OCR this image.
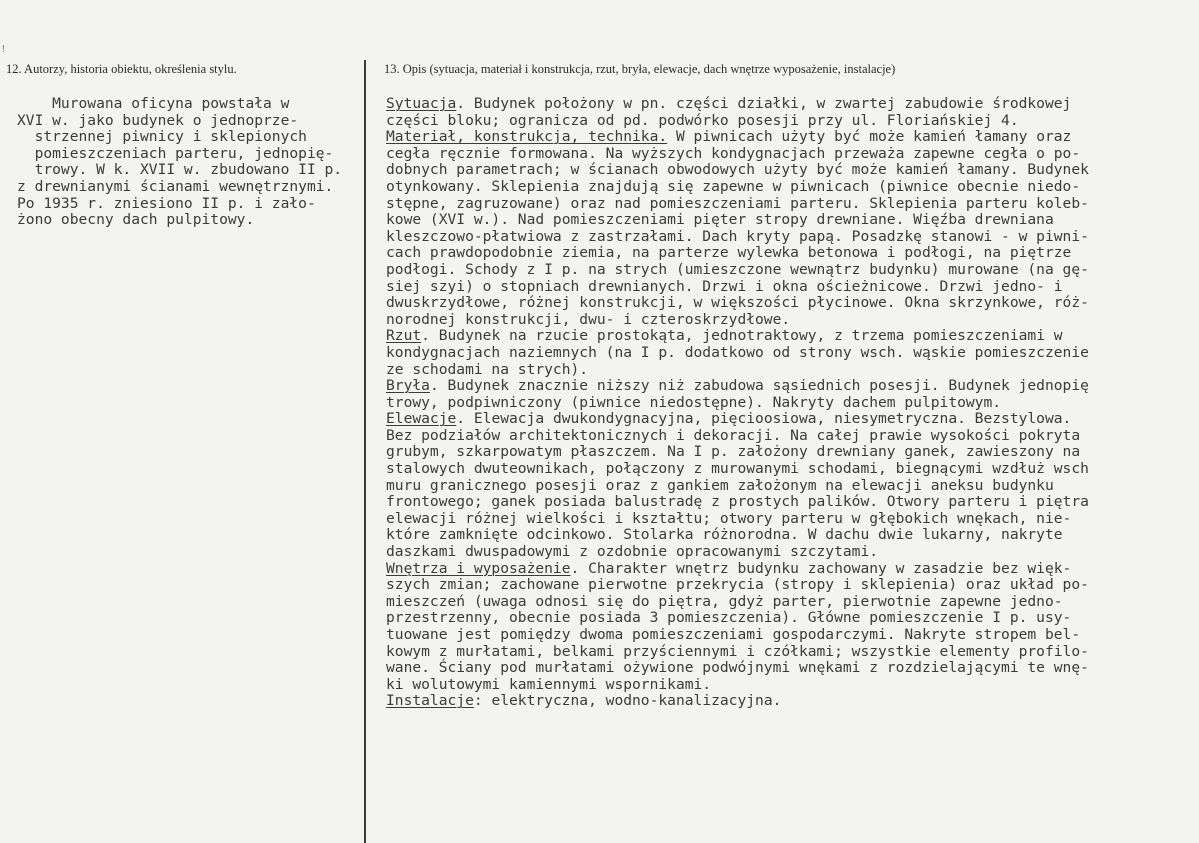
12. Autorzy, historia obiektu, określenia stylu.	13. Opis (sytuacja, materiał i konstrukcja, rzut, bryła, elewacje, dach wnętrze wyposażenie, instalacje)
Murowana oficyna powstała w
XVI w. jako budynek o jednoprze-
strzennej piwnicy i sklepionych
pomieszczeniach parteru, jednopię-
trowy. W k. XVII w. zbudowano II p.
z drewnianymi ścianami wewnętrznymi.
Po 1935 r. zniesiono II p. i zało-
żono obecny dach pulpitowy.
Sytuacja. Budynek położony w pn. części działki, w zwartej zabudowie środkowej
części bloku; ogranicza od pd. podwórko posesji przy ul. Floriańskiej 4.
Materiał, konstrukcja, technika. W piwnicach użyty być może kamień łamany oraz
cegła ręcznie formowana. Na wyższych kondygnacjach przeważa zapewne cegła o po-
dobnych parametrach; w ścianach obwodowych użyty być może kamień łamany. Budynek
otynkowany. Sklepienia znajdują się zapewne w piwnicach (piwnice obecnie niedo-
stępne, zagruzowane) oraz nad pomieszczeniami parteru. Sklepienia parteru koleb-
kowe (XVI w.). Nad pomieszczeniami pięter stropy drewniane. Więźba drewniana
kleszczowo-płatwiowa z zastrzałami. Dach kryty papą. Posadzkę stanowi - w piwni-
cach prawdopodobnie ziemia, na parterze wylewka betonowa i podłogi, na piętrze
podłogi. Schody z I p. na strych (umieszczone wewnątrz budynku) murowane (na gę-
siej szyi) o stopniach drewnianych. Drzwi i okna ościeżnicowe. Drzwi jedno- i
dwuskrzydłowe, różnej konstrukcji, w większości płycinowe. Okna skrzynkowe, róż-
norodnej konstrukcji, dwu- i czteroskrzydłowe.
Rzut. Budynek na rzucie prostokąta, jednotraktowy, z trzema pomieszczeniami w
kondygnacjach naziemnych (na I p. dodatkowo od strony wsch. wąskie pomieszczenie
ze schodami na strych).
Bryła. Budynek znacznie niższy niż zabudowa sąsiednich posesji. Budynek jednopię
trowy, podpiwniczony (piwnice niedostępne). Nakryty dachem pulpitowym.
Elewacje. Elewacja dwukondygnacyjna, pięcioosiowa, niesymetryczna. Bezstylowa.
Bez podziałów architektonicznych i dekoracji. Na całej prawie wysokości pokryta
grubym, szkarpowatym płaszczem. Na I p. założony drewniany ganek, zawieszony na
stalowych dwuteownikach, połączony z murowanymi schodami, biegnącymi wzdłuż wsch
muru granicznego posesji oraz z gankiem założonym na elewacji aneksu budynku
frontowego; ganek posiada balustradę z prostych palików. Otwory parteru i piętra
elewacji różnej wielkości i kształtu; otwory parteru w głębokich wnękach, nie-
które zamknięte odcinkowo. Stolarka różnorodna. W dachu dwie lukarny, nakryte
daszkami dwuspadowymi z ozdobnie opracowanymi szczytami.
Wnętrza i wyposażenie. Charakter wnętrz budynku zachowany w zasadzie bez więk-
szych zmian; zachowane pierwotne przekrycia (stropy i sklepienia) oraz układ po-
mieszczeń (uwaga odnosi się do piętra, gdyż parter, pierwotnie zapewne jedno-
przestrzenny, obecnie posiada 3 pomieszczenia). Główne pomieszczenie I p. usy-
tuowane jest pomiędzy dwoma pomieszczeniami gospodarczymi. Nakryte stropem bel-
kowym z murłatami, belkami przyściennymi i czółkami; wszystkie elementy profilo-
wane. Ściany pod murłatami ożywione podwójnymi wnękami z rozdzielającymi te wnę-
ki wolutowymi kamiennymi wspornikami.
Instalacje: elektryczna, wodno-kanalizacyjna.
!
